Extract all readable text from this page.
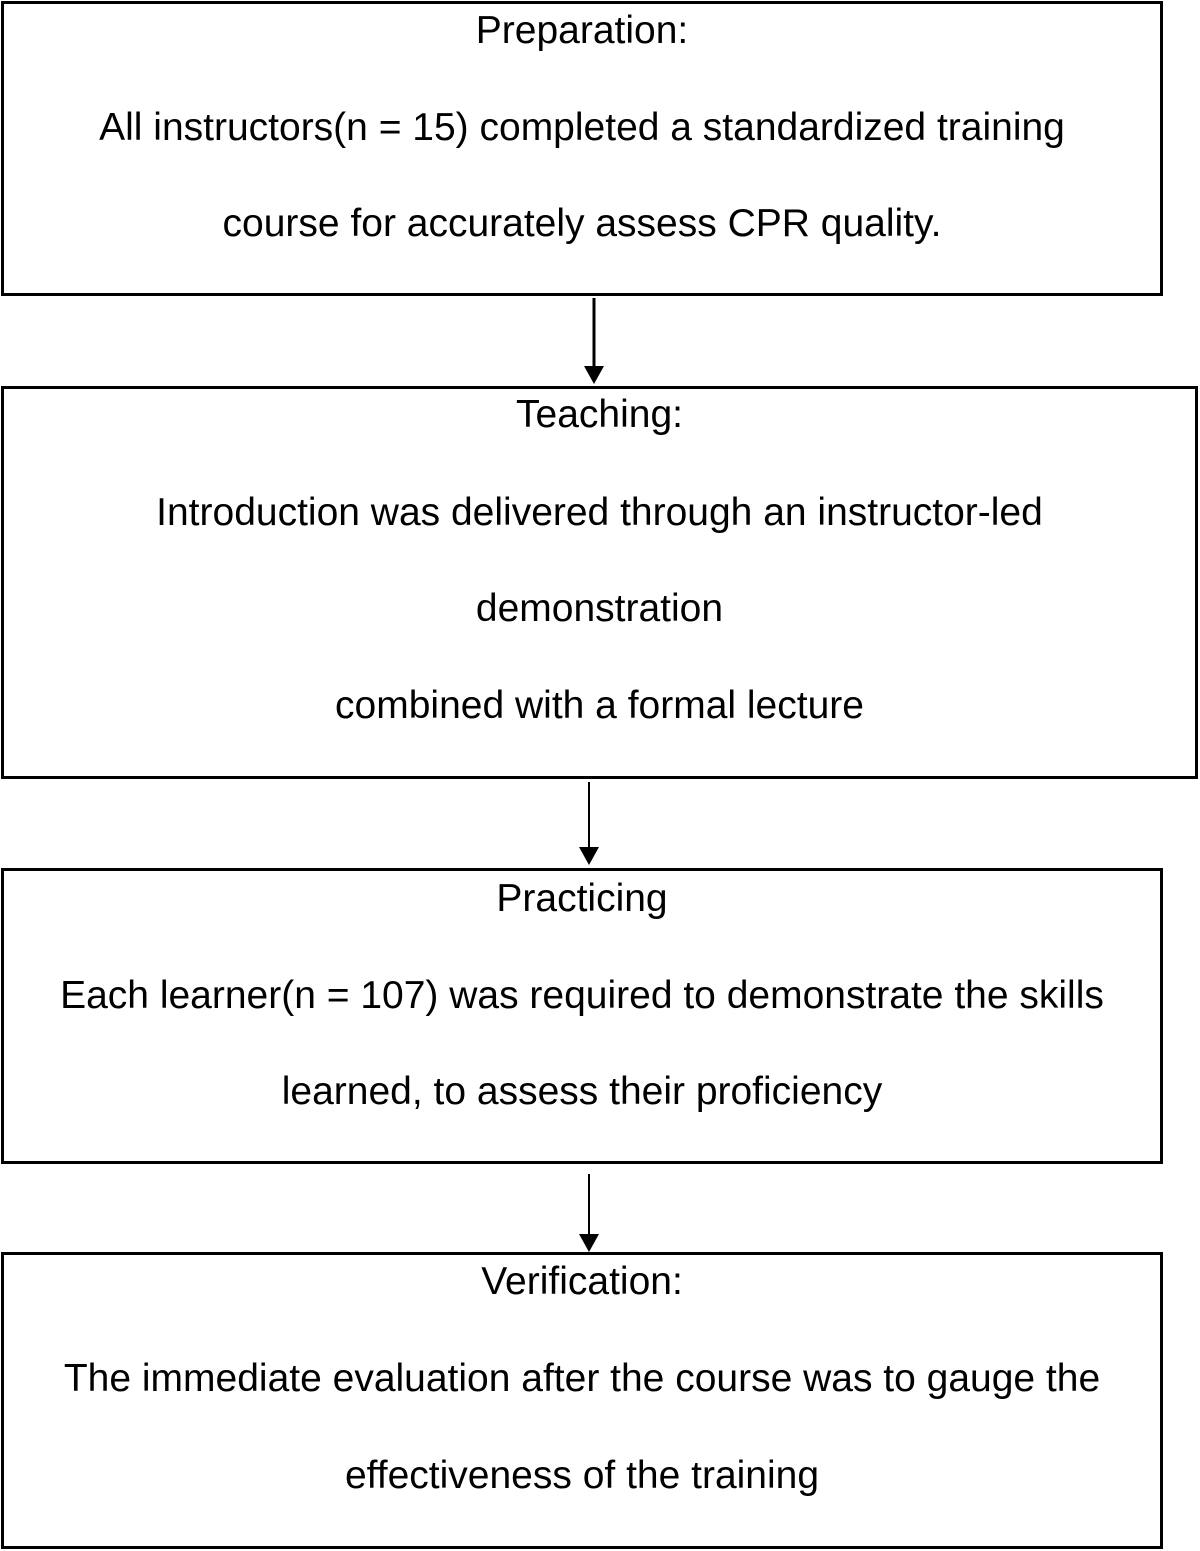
Preparation:
All instructors(n = 15) completed a standardized training
course for accurately assess CPR quality.
Teaching:
Introduction was delivered through an instructor-led
demonstration
combined with a formal lecture
Practicing
Each learner(n = 107) was required to demonstrate the skills
learned, to assess their proficiency
Verification:
The immediate evaluation after the course was to gauge the
effectiveness of the training
